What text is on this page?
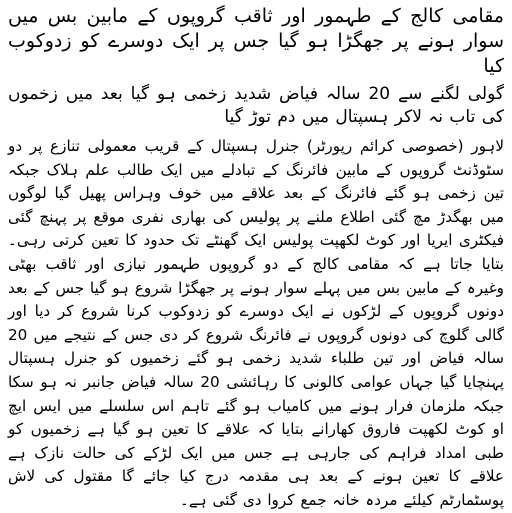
مقامی کالج کے طہمور اور ثاقب گروپوں کے مابین بس میں سوار ہونے پر جھگڑا ہو گیا جس پر ایک دوسرے کو زدوکوب کیا
گولی لگنے سے 20 سالہ فیاض شدید زخمی ہو گیا بعد میں زخموں کی تاب نہ لاکر ہسپتال میں دم توڑ گیا

لاہور (خصوصی کرائم رپورٹر) جنرل ہسپتال کے قریب معمولی تنازع پر دو سٹوڈنٹ گروپوں کے مابین فائرنگ کے تبادلے میں ایک طالب علم ہلاک جبکہ تین زخمی ہو گئے فائرنگ کے بعد علاقے میں خوف وہراس پھیل گیا لوگوں میں بھگدڑ مچ گئی اطلاع ملنے پر پولیس کی بھاری نفری موقع پر پہنچ گئی فیکٹری ایریا اور کوٹ لکھپت پولیس ایک گھنٹے تک حدود کا تعین کرتی رہی۔ بتایا جاتا ہے کہ مقامی کالج کے دو گروپوں طہمور نیازی اور ثاقب بھٹی وغیرہ کے مابین بس میں پہلے سوار ہونے پر جھگڑا شروع ہو گیا جس کے بعد دونوں گروپوں کے لڑکوں نے ایک دوسرے کو زدوکوب کرنا شروع کر دیا اور گالی گلوچ کی دونوں گروپوں نے فائرنگ شروع کر دی جس کے نتیجے میں 20 سالہ فیاض اور تین طلباء شدید زخمی ہو گئے زخمیوں کو جنرل ہسپتال پہنچایا گیا جہاں عوامی کالونی کا رہائشی 20 سالہ فیاض جانبر نہ ہو سکا جبکہ ملزمان فرار ہونے میں کامیاب ہو گئے تاہم اس سلسلے میں ایس ایچ او کوٹ لکھپت فاروق کھارانے بتایا کہ علاقے کا تعین ہو گیا ہے زخمیوں کو طبی امداد فراہم کی جارہی ہے جس میں ایک لڑکے کی حالت نازک ہے علاقے کا تعین ہونے کے بعد ہی مقدمہ درج کیا جائے گا مقتول کی لاش پوسٹمارٹم کیلئے مردہ خانہ جمع کروا دی گئی ہے۔
